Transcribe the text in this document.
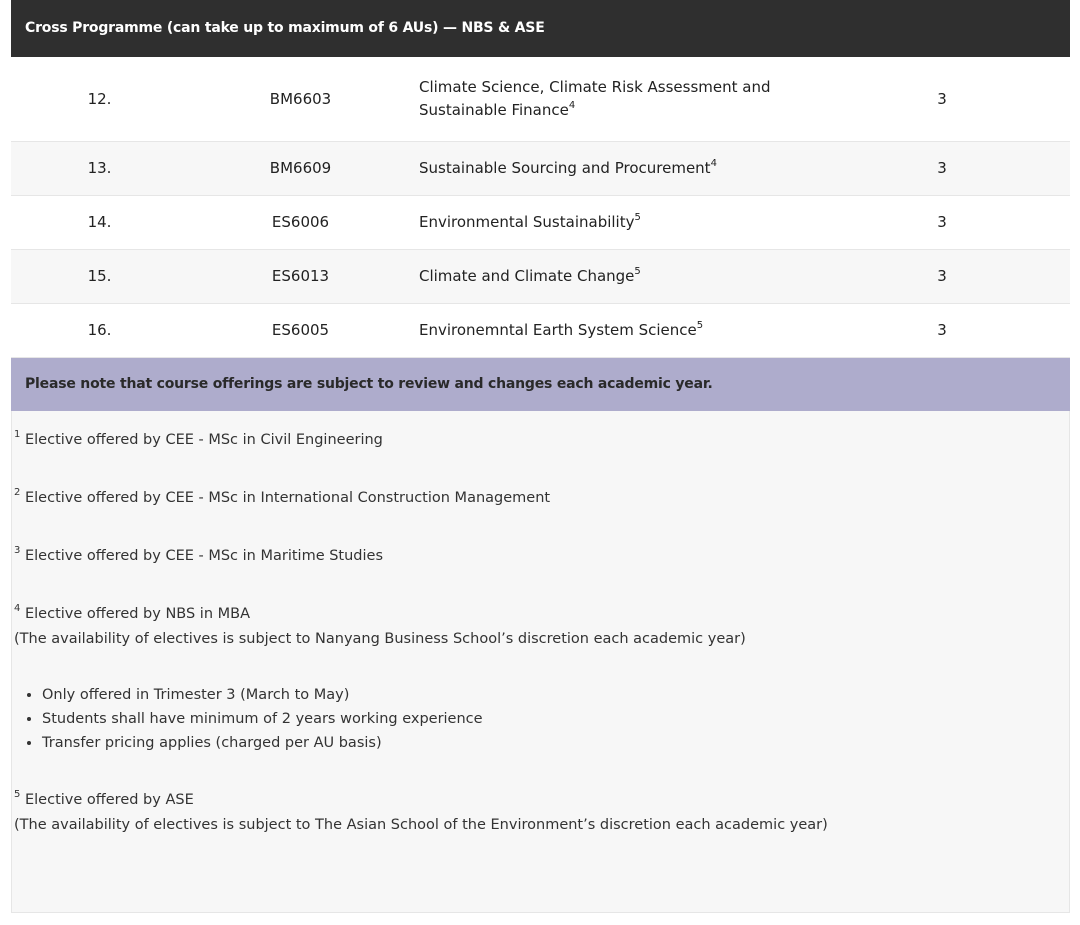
Cross Programme (can take up to maximum of 6 AUs) — NBS & ASE
12.	BM6603	Climate Science, Climate Risk Assessment and
Sustainable Finance$^4$	3
13.	BM6609	Sustainable Sourcing and Procurement$^4$	3
14.	ES6006	Environmental Sustainability$^5$	3
15.	ES6013	Climate and Climate Change$^5$	3
16.	ES6005	Environemntal Earth System Science$^5$	3
Please note that course offerings are subject to review and changes each academic year.
$^1$ Elective offered by CEE - MSc in Civil Engineering
$^2$ Elective offered by CEE - MSc in International Construction Management
$^3$ Elective offered by CEE - MSc in Maritime Studies
$^4$ Elective offered by NBS in MBA
(The availability of electives is subject to Nanyang Business School’s discretion each academic year)
• Only offered in Trimester 3 (March to May)
• Students shall have minimum of 2 years working experience
• Transfer pricing applies (charged per AU basis)
$^5$ Elective offered by ASE
(The availability of electives is subject to The Asian School of the Environment’s discretion each academic year)
